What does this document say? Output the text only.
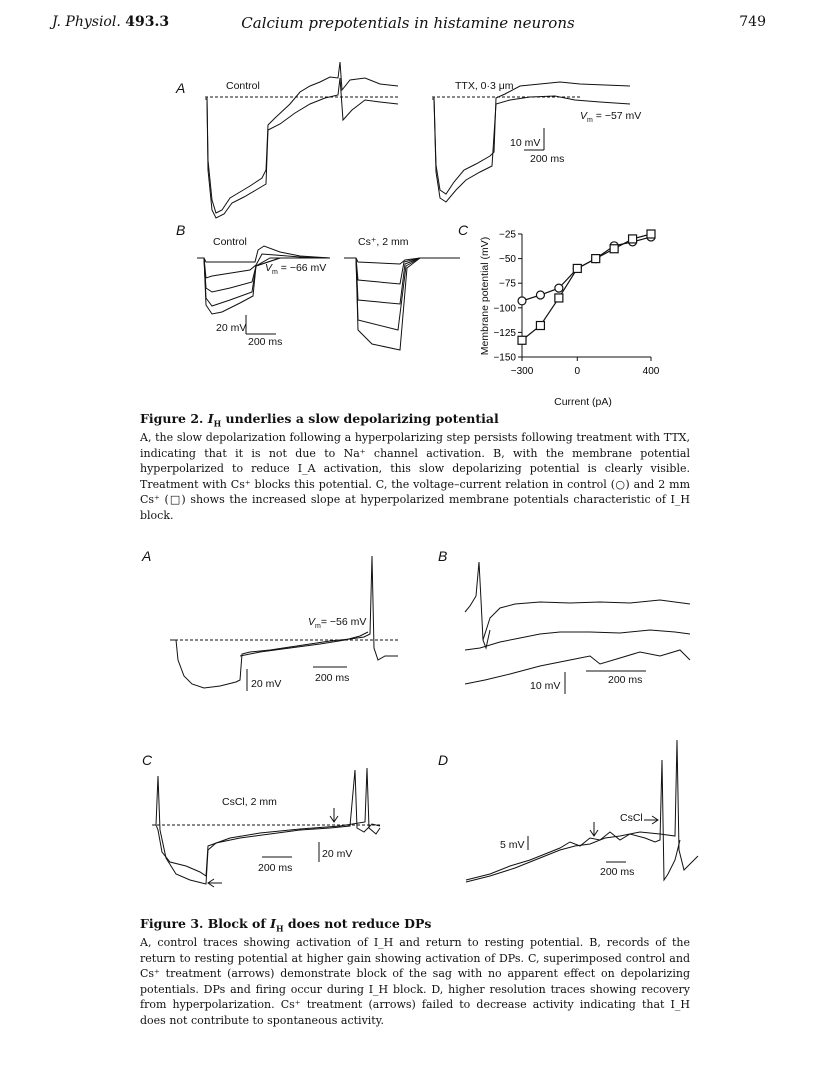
J. Physiol. 493.3	Calcium prepotentials in histamine neurons	749
A	Control	TTX, 0·3 μm
$V_m = -57$ mV
10 mV
200 ms
B
Control	Cs⁺, 2 mm
$V_m = -66$ mV
20 mV
200 ms
C	−25
−50
−75
−100
−125
−150
−300	0	400
Current (pA)
Membrane potential (mV)
Figure 2. $I_H$ underlies a slow depolarizing potential
A, the slow depolarization following a hyperpolarizing step persists following treatment with TTX, indicating that it is not due to Na⁺ channel activation. B, with the membrane potential hyperpolarized to reduce I_A activation, this slow depolarizing potential is clearly visible. Treatment with Cs⁺ blocks this potential. C, the voltage–current relation in control (○) and 2 mm Cs⁺ (□) shows the increased slope at hyperpolarized membrane potentials characteristic of I_H block.
A	B
C	D
$V_m= -56$ mV
20 mV	200 ms
10 mV	200 ms
CsCl, 2 mm
20 mV
200 ms
5 mV
CsCl
200 ms
Figure 3. Block of $I_H$ does not reduce DPs
A, control traces showing activation of I_H and return to resting potential. B, records of the return to resting potential at higher gain showing activation of DPs. C, superimposed control and Cs⁺ treatment (arrows) demonstrate block of the sag with no apparent effect on depolarizing potentials. DPs and firing occur during I_H block. D, higher resolution traces showing recovery from hyperpolarization. Cs⁺ treatment (arrows) failed to decrease activity indicating that I_H does not contribute to spontaneous activity.
